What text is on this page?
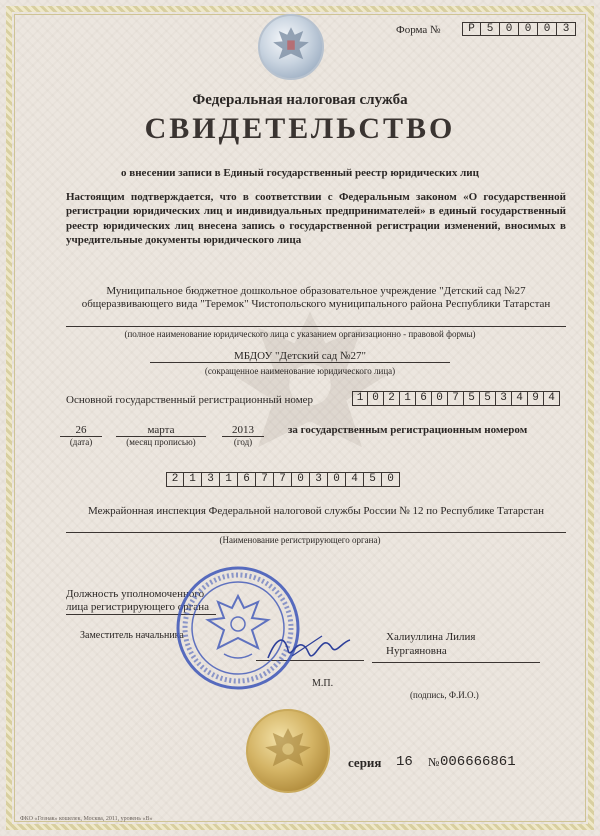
Форма №	Р	5	0	0	0	3
Федеральная налоговая служба
СВИДЕТЕЛЬСТВО
о внесении записи в Единый государственный реестр юридических лиц
Настоящим подтверждается, что в соответствии с Федеральным законом «О государственной регистрации юридических лиц и индивидуальных предпринимателей» в единый государственный реестр юридических лиц внесена запись о государственной регистрации изменений, вносимых в учредительные документы юридического лица
Муниципальное бюджетное дошкольное образовательное учреждение "Детский сад №27 общеразвивающего вида "Теремок" Чистопольского муниципального района Республики Татарстан
(полное наименование юридического лица с указанием организационно - правовой формы)
МБДОУ "Детский сад №27"
(сокращенное наименование юридического лица)
Основной государственный регистрационный номер	1 0 2 1 6 0 7 5 5 3 4 9 4
26
(дата)
марта
(месяц прописью)
2013
(год)
за государственным регистрационным номером
2 1	3	1	6	7	7	0	3	0	4	5	0
Межрайонная инспекция Федеральной налоговой службы России № 12 по Республике Татарстан
(Наименование регистрирующего органа)
Должность уполномоченного лица регистрирующего органа
Заместитель начальника	Халиуллина Лилия Нургаяновна
М.П.
(подпись, Ф.И.О.)
серия 16 № 006666861
ФКО «Гознак» кошелек, Москва, 2011, уровень «В»
